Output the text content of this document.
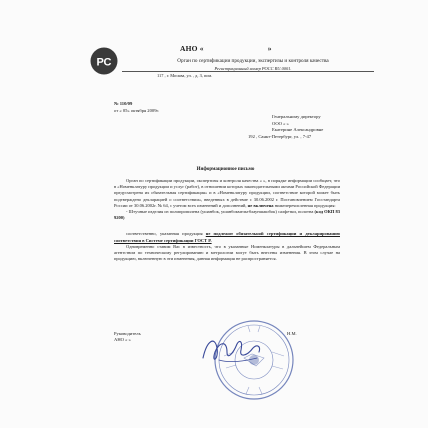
РС
АНО «	»
Орган по сертификации продукции, экспертизы и контроля качества
Регистрационный номер РОСС RU.0001.
117 , г. Москва, ул. , д. 3, пом.
№ 110/09
от « 05» октября 2009г.
Генеральному директору
ООО « »
Екатерине Александровне
192 , Санкт-Петербург, ул. , 7-47
Информационное письмо

Орган по сертификации продукции, экспертизы и контроля качества « », в порядке информации сообщает, что в «Номенклатуру продукции и услуг (работ), в отношении которых законодательными актами Российской Федерации предусмотрена их обязательная сертификация» и в «Номенклатуру продукции, соответствие которой может быть подтверждено декларацией о соответствии», введенных в действие с 30.06.2002 г. Постановлением Госстандарта России от 30.06.2002г. № 64, с учетом всех изменений и дополнений, не включена нижеперечисленная продукция:

- Штучные изделия из полипропилена (ушанбок, ушанбокмельтблауншашбок) салфетки, полотна (код ОКП 83 9200)

соответственно, указанная продукция не подлежит обязательной сертификации и декларированию соответствия в Системе сертификации ГОСТ Р.

Одновременно ставим Вас в известность, что в указанные Номенклатуры в дальнейшем Федеральным агентством по техническому регулированию и метрологии могут быть внесены изменения. В этом случае на продукцию, включенную в эти изменения, данная информация не распространяется.

Руководитель
АНО « »
Н.М.
